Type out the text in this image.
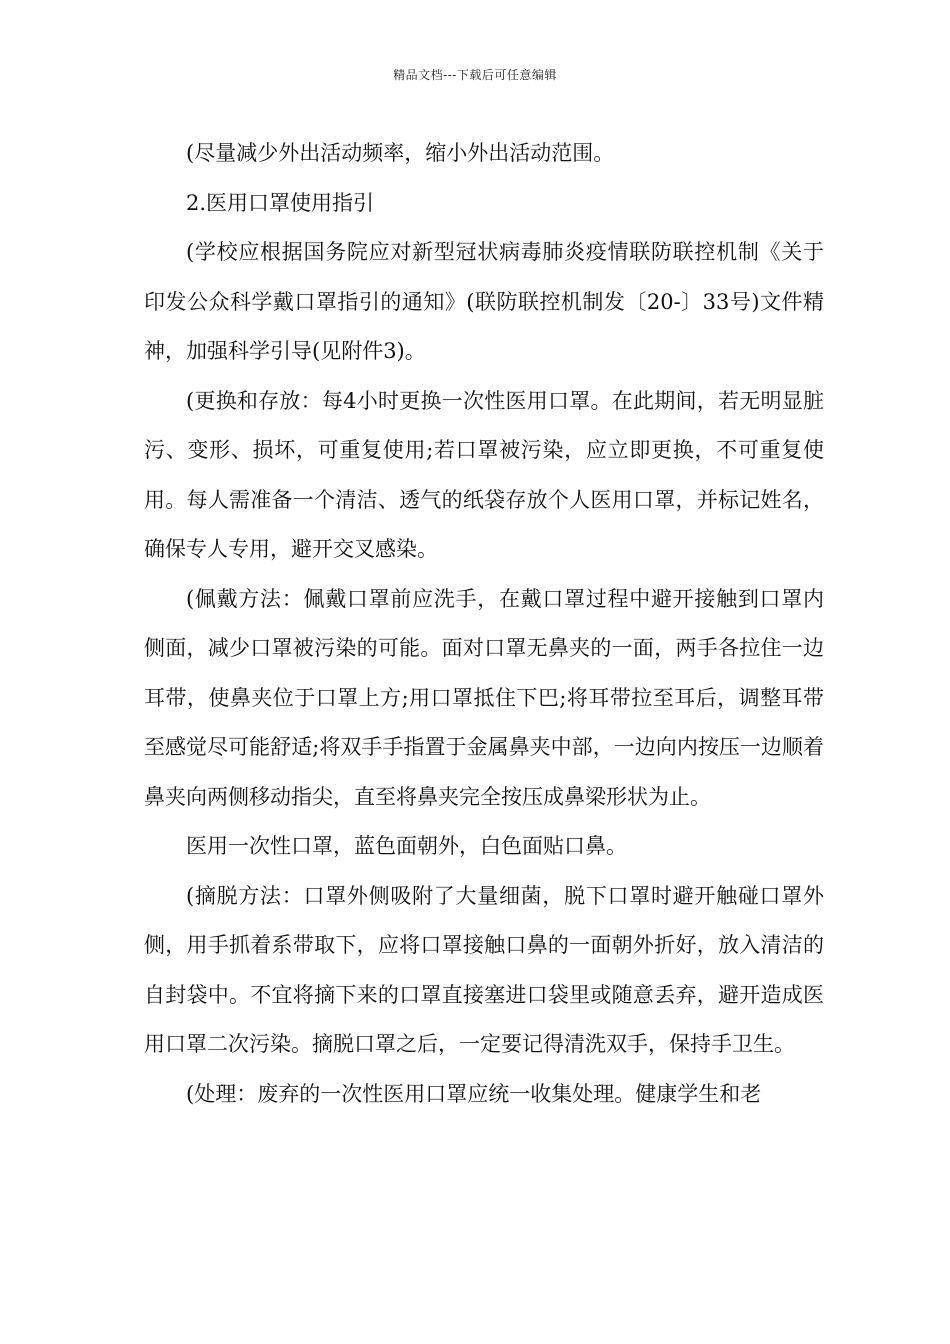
精品文档---下载后可任意编辑

(尽量减少外出活动频率，缩小外出活动范围。

2.医用口罩使用指引

(学校应根据国务院应对新型冠状病毒肺炎疫情联防联控机制《关于印发公众科学戴口罩指引的通知》(联防联控机制发〔20-〕33号)文件精神，加强科学引导(见附件3)。

(更换和存放：每4小时更换一次性医用口罩。在此期间，若无明显脏污、变形、损坏，可重复使用;若口罩被污染，应立即更换，不可重复使用。每人需准备一个清洁、透气的纸袋存放个人医用口罩，并标记姓名，确保专人专用，避开交叉感染。

(佩戴方法：佩戴口罩前应洗手，在戴口罩过程中避开接触到口罩内侧面，减少口罩被污染的可能。面对口罩无鼻夹的一面，两手各拉住一边耳带，使鼻夹位于口罩上方;用口罩抵住下巴;将耳带拉至耳后，调整耳带至感觉尽可能舒适;将双手手指置于金属鼻夹中部，一边向内按压一边顺着鼻夹向两侧移动指尖，直至将鼻夹完全按压成鼻梁形状为止。

医用一次性口罩，蓝色面朝外，白色面贴口鼻。

(摘脱方法：口罩外侧吸附了大量细菌，脱下口罩时避开触碰口罩外侧，用手抓着系带取下，应将口罩接触口鼻的一面朝外折好，放入清洁的自封袋中。不宜将摘下来的口罩直接塞进口袋里或随意丢弃，避开造成医用口罩二次污染。摘脱口罩之后，一定要记得清洗双手，保持手卫生。

(处理：废弃的一次性医用口罩应统一收集处理。健康学生和老
